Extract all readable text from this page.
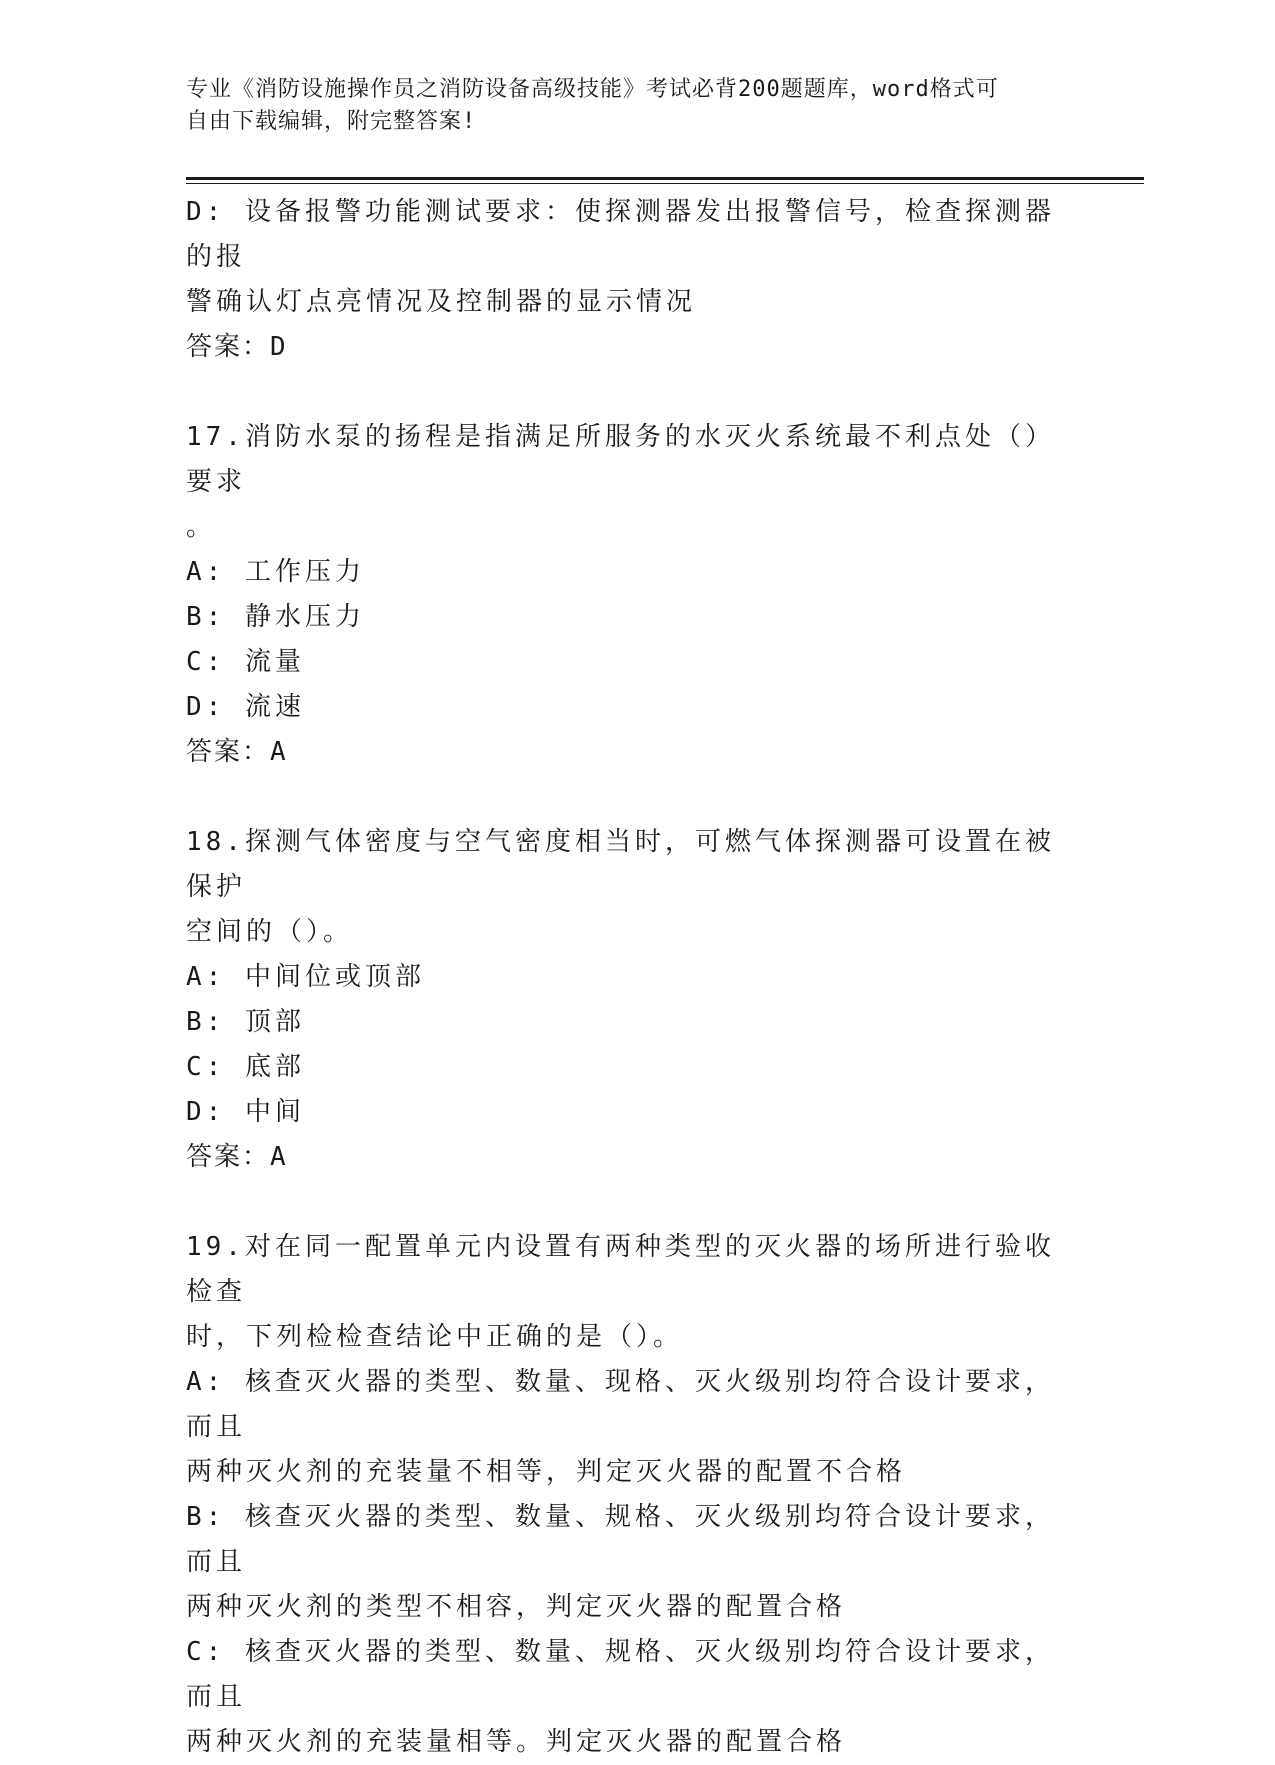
专业《消防设施操作员之消防设备高级技能》考试必背200题题库，word格式可
自由下载编辑，附完整答案!
D: 设备报警功能测试要求：使探测器发出报警信号，检查探测器的报
警确认灯点亮情况及控制器的显示情况
答案：D
17.消防水泵的扬程是指满足所服务的水灭火系统最不利点处（）要求
。
A: 工作压力
B: 静水压力
C: 流量
D: 流速
答案：A
18.探测气体密度与空气密度相当时，可燃气体探测器可设置在被保护
空间的（）。
A: 中间位或顶部
B: 顶部
C: 底部
D: 中间
答案：A
19.对在同一配置单元内设置有两种类型的灭火器的场所进行验收检查
时，下列检检查结论中正确的是（）。
A: 核查灭火器的类型、数量、现格、灭火级别均符合设计要求，而且
两种灭火剂的充装量不相等，判定灭火器的配置不合格
B: 核查灭火器的类型、数量、规格、灭火级别均符合设计要求，而且
两种灭火剂的类型不相容，判定灭火器的配置合格
C: 核查灭火器的类型、数量、规格、灭火级别均符合设计要求，而且
两种灭火剂的充装量相等。判定灭火器的配置合格
